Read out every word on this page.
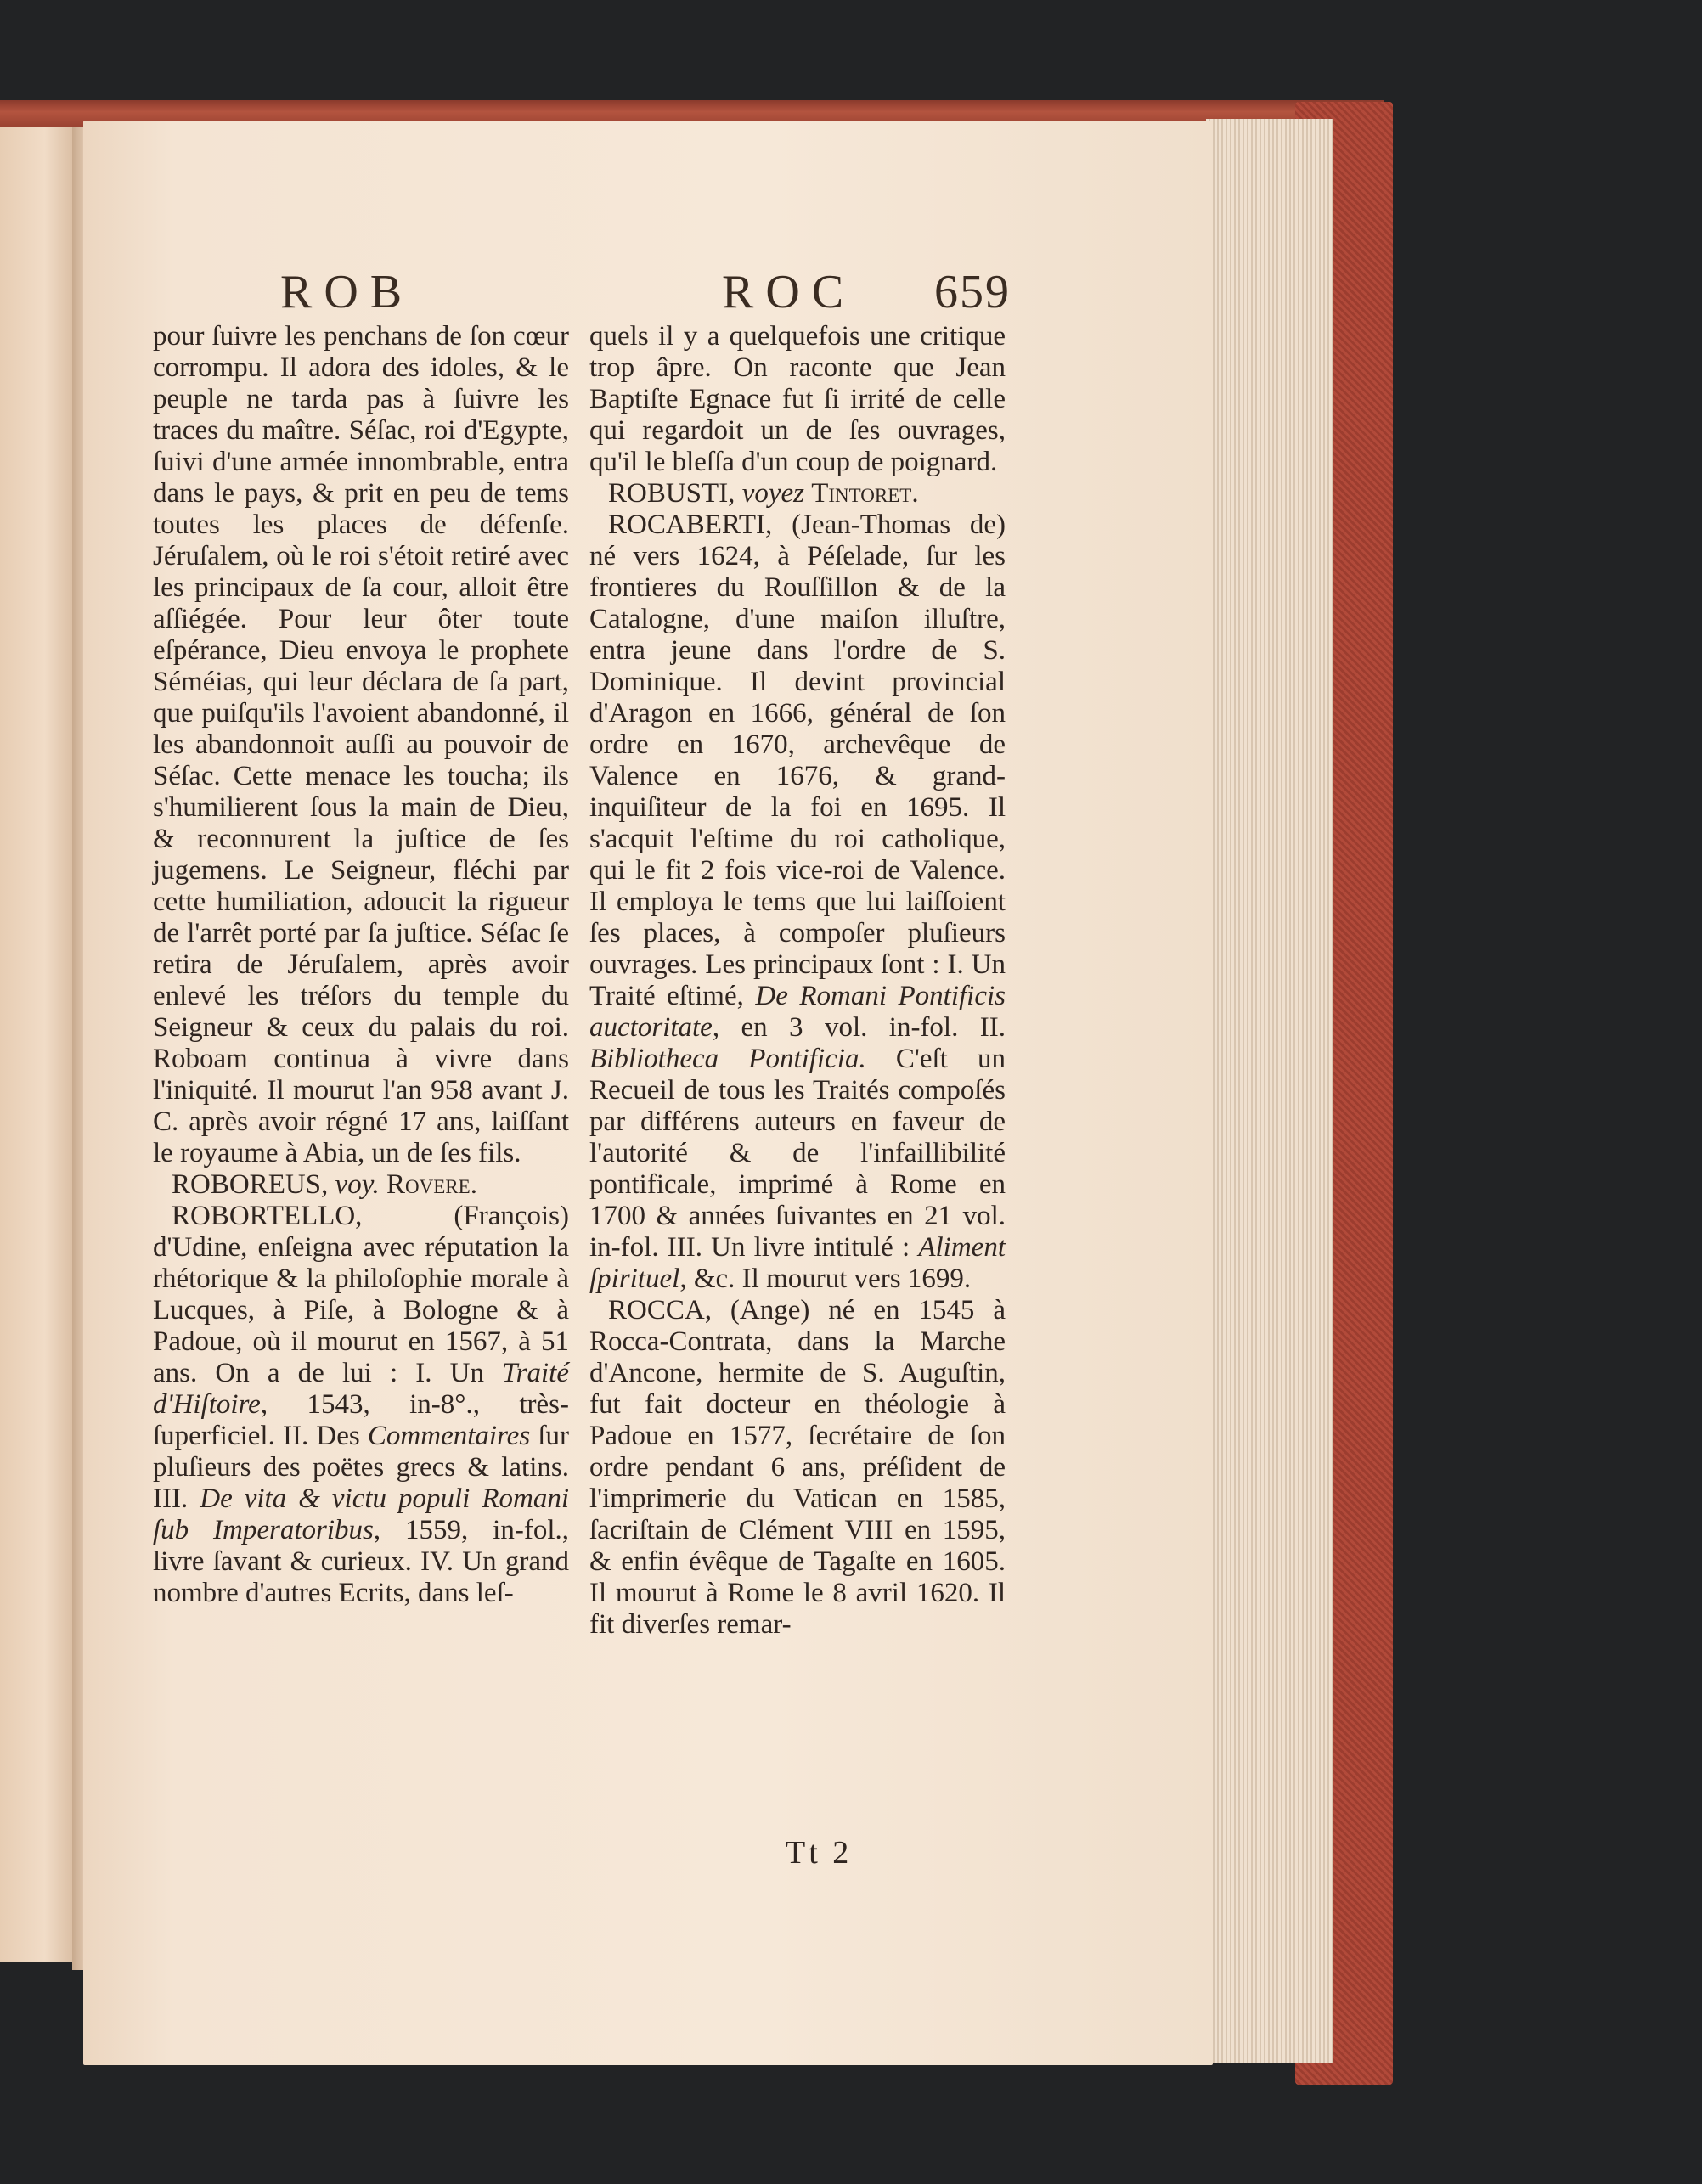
ROB	ROC 659

pour ſuivre les penchans de ſon cœur corrompu. Il adora des idoles, & le peuple ne tarda pas à ſuivre les traces du maître. Séſac, roi d'Egypte, ſuivi d'une armée innombrable, entra dans le pays, & prit en peu de tems toutes les places de défenſe. Jéruſalem, où le roi s'étoit retiré avec les principaux de ſa cour, alloit être aſſiégée. Pour leur ôter toute eſpérance, Dieu envoya le prophete Séméias, qui leur déclara de ſa part, que puiſqu'ils l'avoient abandonné, il les abandonnoit auſſi au pouvoir de Séſac. Cette menace les toucha; ils s'humilierent ſous la main de Dieu, & reconnurent la juſtice de ſes jugemens. Le Seigneur, fléchi par cette humiliation, adoucit la rigueur de l'arrêt porté par ſa juſtice. Séſac ſe retira de Jéruſalem, après avoir enlevé les tréſors du temple du Seigneur & ceux du palais du roi. Roboam continua à vivre dans l'iniquité. Il mourut l'an 958 avant J. C. après avoir régné 17 ans, laiſſant le royaume à Abia, un de ſes fils.

ROBOREUS, voy. Rovere.

ROBORTELLO,	(François) d'Udine, enſeigna avec réputation la rhétorique & la philoſophie morale à Lucques, à Piſe, à Bologne & à Padoue, où il mourut en 1567, à 51 ans. On a de lui : I. Un Traité d'Hiſtoire, 1543, in-8°., très-ſuperficiel. II. Des Commentaires ſur pluſieurs des poëtes grecs & latins. III. De vita & victu populi Romani ſub Imperatoribus, 1559, in-fol., livre ſavant & curieux. IV. Un grand nombre d'autres Ecrits, dans leſ-

quels il y a quelquefois une critique trop âpre. On raconte que Jean Baptiſte Egnace fut ſi irrité de celle qui regardoit un de ſes ouvrages, qu'il le bleſſa d'un coup de poignard.

ROBUSTI, voyez Tintoret.

ROCABERTI, (Jean-Thomas de) né vers 1624, à Péſelade, ſur les frontieres du Rouſſillon & de la Catalogne, d'une maiſon illuſtre, entra jeune dans l'ordre de S. Dominique. Il devint provincial d'Aragon en 1666, général de ſon ordre en 1670, archevêque de Valence en 1676, & grand-inquiſiteur de la foi en 1695. Il s'acquit l'eſtime du roi catholique, qui le fit 2 fois vice-roi de Valence. Il employa le tems que lui laiſſoient ſes places, à compoſer pluſieurs ouvrages. Les principaux ſont : I. Un Traité eſtimé, De Romani Pontificis auctoritate, en 3 vol. in-fol. II. Bibliotheca Pontificia. C'eſt un Recueil de tous les Traités compoſés par différens auteurs en faveur de l'autorité & de l'infaillibilité pontificale, imprimé à Rome en 1700 & années ſuivantes en 21 vol. in-fol. III. Un livre intitulé : Aliment ſpirituel, &c. Il mourut vers 1699.

ROCCA, (Ange) né en 1545 à Rocca-Contrata, dans la Marche d'Ancone, hermite de S. Auguſtin, fut fait docteur en théologie à Padoue en 1577, ſecrétaire de ſon ordre pendant 6 ans, préſident de l'imprimerie du Vatican en 1585, ſacriſtain de Clément VIII en 1595, & enfin évêque de Tagaſte en 1605. Il mourut à Rome le 8 avril 1620. Il fit diverſes remar-

Tt 2
